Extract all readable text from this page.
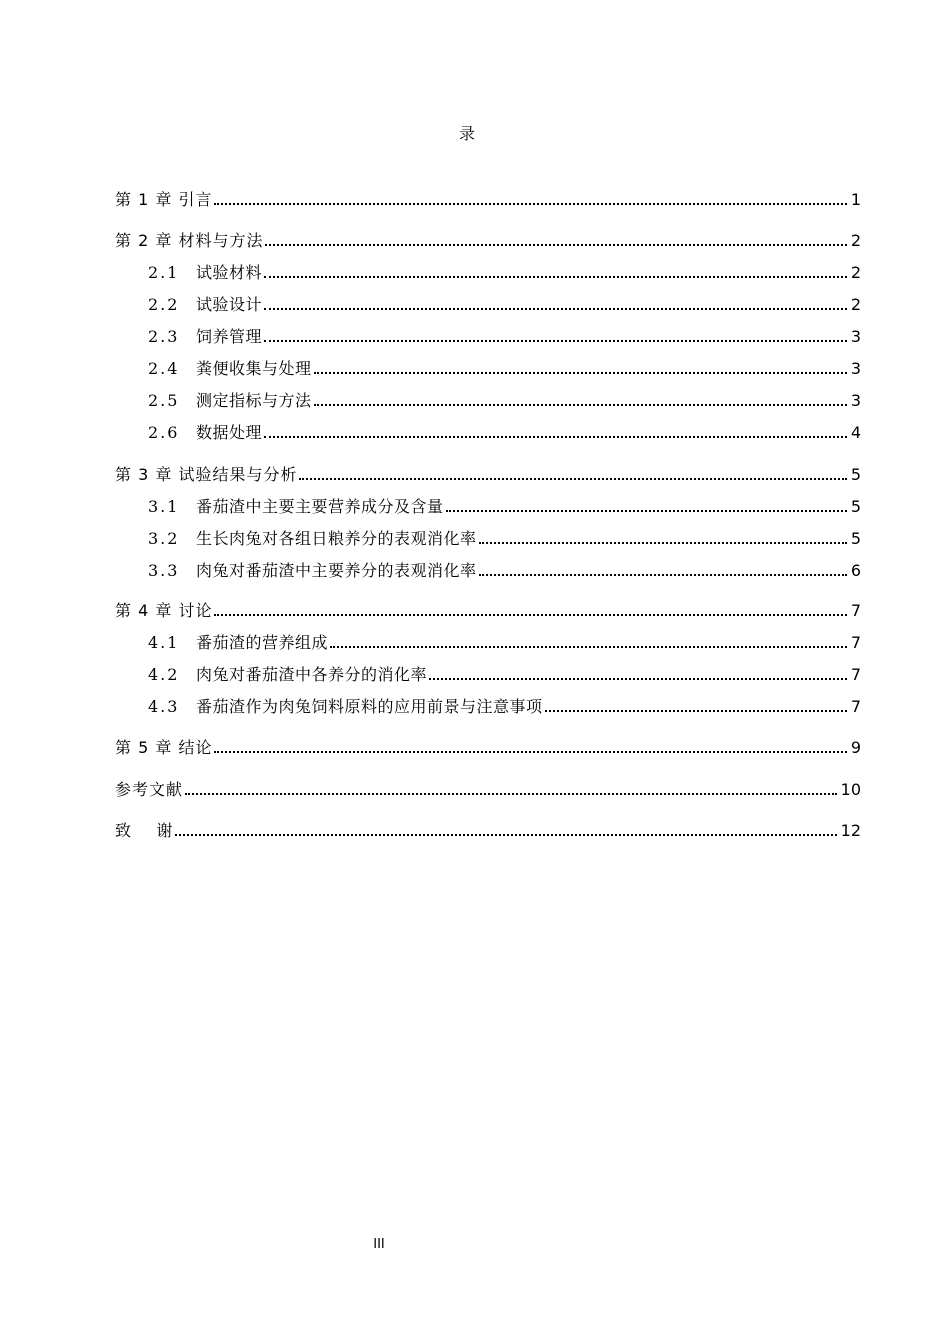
录
第 1 章 引言	1
第 2 章 材料与方法	2
2.1 试验材料	2
2.2 试验设计	2
2.3 饲养管理	3
2.4 粪便收集与处理	3
2.5 测定指标与方法	3
2.6 数据处理	4
第 3 章 试验结果与分析	5
3.1 番茄渣中主要主要营养成分及含量	5
3.2 生长肉兔对各组日粮养分的表观消化率	5
3.3 肉兔对番茄渣中主要养分的表观消化率	6
第 4 章 讨论	7
4.1 番茄渣的营养组成	7
4.2 肉兔对番茄渣中各养分的消化率	7
4.3 番茄渣作为肉兔饲料原料的应用前景与注意事项	7
第 5 章 结论	9
参考文献	10
致    谢	12
III
